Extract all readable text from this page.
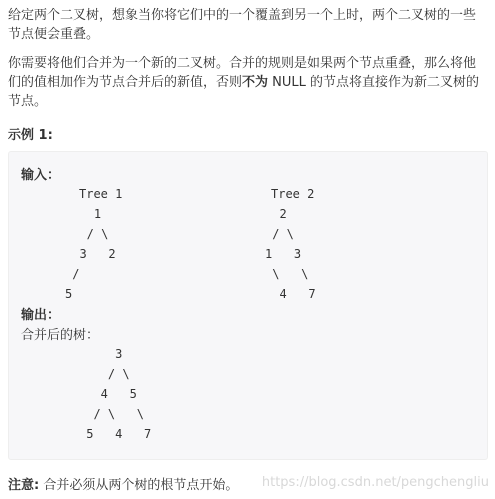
给定两个二叉树，想象当你将它们中的一个覆盖到另一个上时，两个二叉树的一些节点便会重叠。
你需要将他们合并为一个新的二叉树。合并的规则是如果两个节点重叠，那么将他们的值相加作为节点合并后的新值，否则不为 NULL 的节点将直接作为新二叉树的节点。
示例 1:
输入：
Tree 1	Tree 2
1
/ \
3   2
/
5
2
/ \
1   3
\   \
4   7
输出：
合并后的树：
3
/ \
4   5
/ \   \
5   4   7
注意: 合并必须从两个树的根节点开始。 https://blog.csdn.net/pengchengliu
